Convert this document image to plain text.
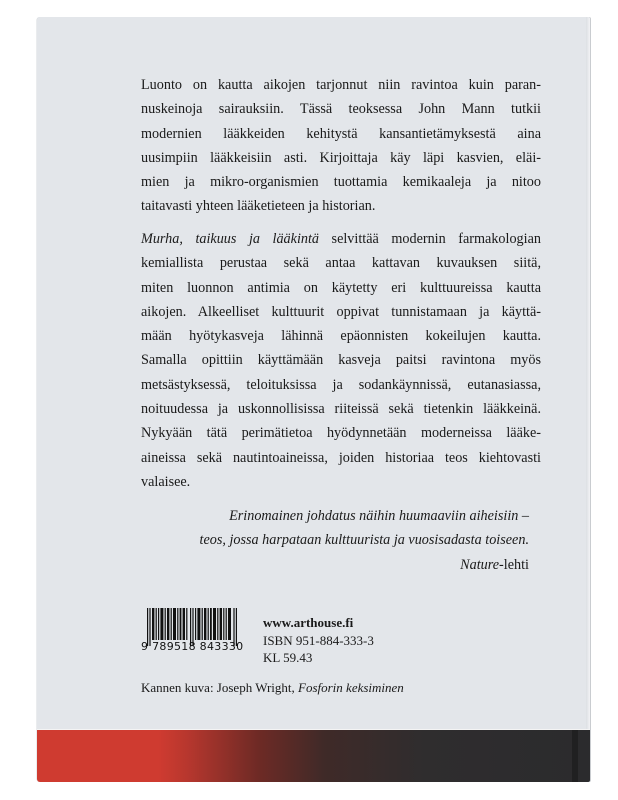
Luonto on kautta aikojen tarjonnut niin ravintoa kuin paran-
nuskeinoja sairauksiin. Tässä teoksessa John Mann tutkii
modernien lääkkeiden kehitystä kansantietämyksestä aina
uusimpiin lääkkeisiin asti. Kirjoittaja käy läpi kasvien, eläi-
mien ja mikro-organismien tuottamia kemikaaleja ja nitoo
taitavasti yhteen lääketieteen ja historian.
Murha, taikuus ja lääkintä selvittää modernin farmakologian
kemiallista perustaa sekä antaa kattavan kuvauksen siitä,
miten luonnon antimia on käytetty eri kulttuureissa kautta
aikojen. Alkeelliset kulttuurit oppivat tunnistamaan ja käyttä-
mään hyötykasveja lähinnä epäonnisten kokeilujen kautta.
Samalla opittiin käyttämään kasveja paitsi ravintona myös
metsästyksessä, teloituksissa ja sodankäynnissä, eutanasiassa,
noituudessa ja uskonnollisissa riiteissä sekä tietenkin lääkkeinä.
Nykyään tätä perimätietoa hyödynnetään moderneissa lääke-
aineissa sekä nautintoaineissa, joiden historiaa teos kiehtovasti
valaisee.
Erinomainen johdatus näihin huumaaviin aiheisiin –
teos, jossa harpataan kulttuurista ja vuosisadasta toiseen.
Nature-lehti
9 789518 843330
www.arthouse.fi
ISBN 951-884-333-3
KL 59.43
Kannen kuva: Joseph Wright, Fosforin keksiminen
